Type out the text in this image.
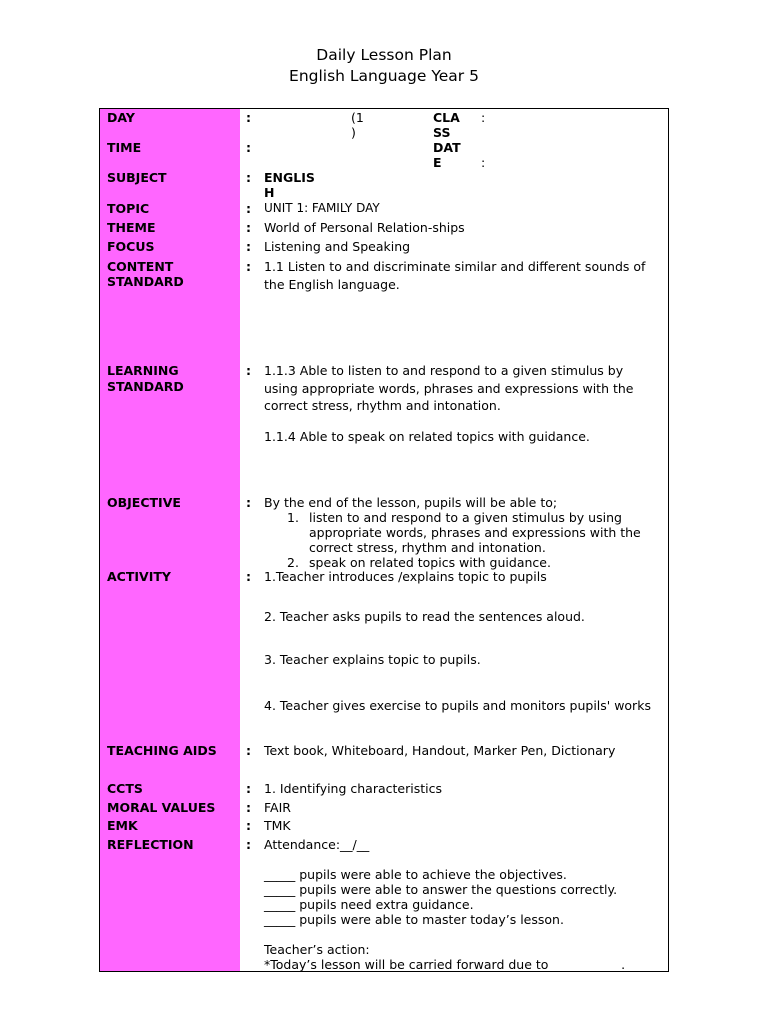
Daily Lesson Plan
English Language Year 5
DAY
TIME
SUBJECT
TOPIC
THEME
FOCUS
CONTENT
STANDARD
LEARNING
STANDARD
OBJECTIVE
ACTIVITY
TEACHING AIDS
CCTS
MORAL VALUES
EMK
REFLECTION
:
:
:
:
:
:
:
:
:
:
:
:
:
:
:
(1
)
CLA
SS
:
DAT
E	:
ENGLIS
H
UNIT 1: FAMILY DAY
World of Personal Relation-ships
Listening and Speaking
1.1 Listen to and discriminate similar and different sounds of
the English language.
1.1.3 Able to listen to and respond to a given stimulus by
using appropriate words, phrases and expressions with the
correct stress, rhythm and intonation.
1.1.4 Able to speak on related topics with guidance.
By the end of the lesson, pupils will be able to;
1. listen to and respond to a given stimulus by using
appropriate words, phrases and expressions with the
correct stress, rhythm and intonation.
2. speak on related topics with guidance.
1.Teacher introduces /explains topic to pupils
2. Teacher asks pupils to read the sentences aloud.
3. Teacher explains topic to pupils.
4. Teacher gives exercise to pupils and monitors pupils' works
Text book, Whiteboard, Handout, Marker Pen, Dictionary
1. Identifying characteristics
FAIR
TMK
Attendance:__/__
_____ pupils were able to achieve the objectives.
_____ pupils were able to answer the questions correctly.
_____ pupils need extra guidance.
_____ pupils were able to master today’s lesson.
Teacher’s action:
*Today’s lesson will be carried forward due to ___________.
